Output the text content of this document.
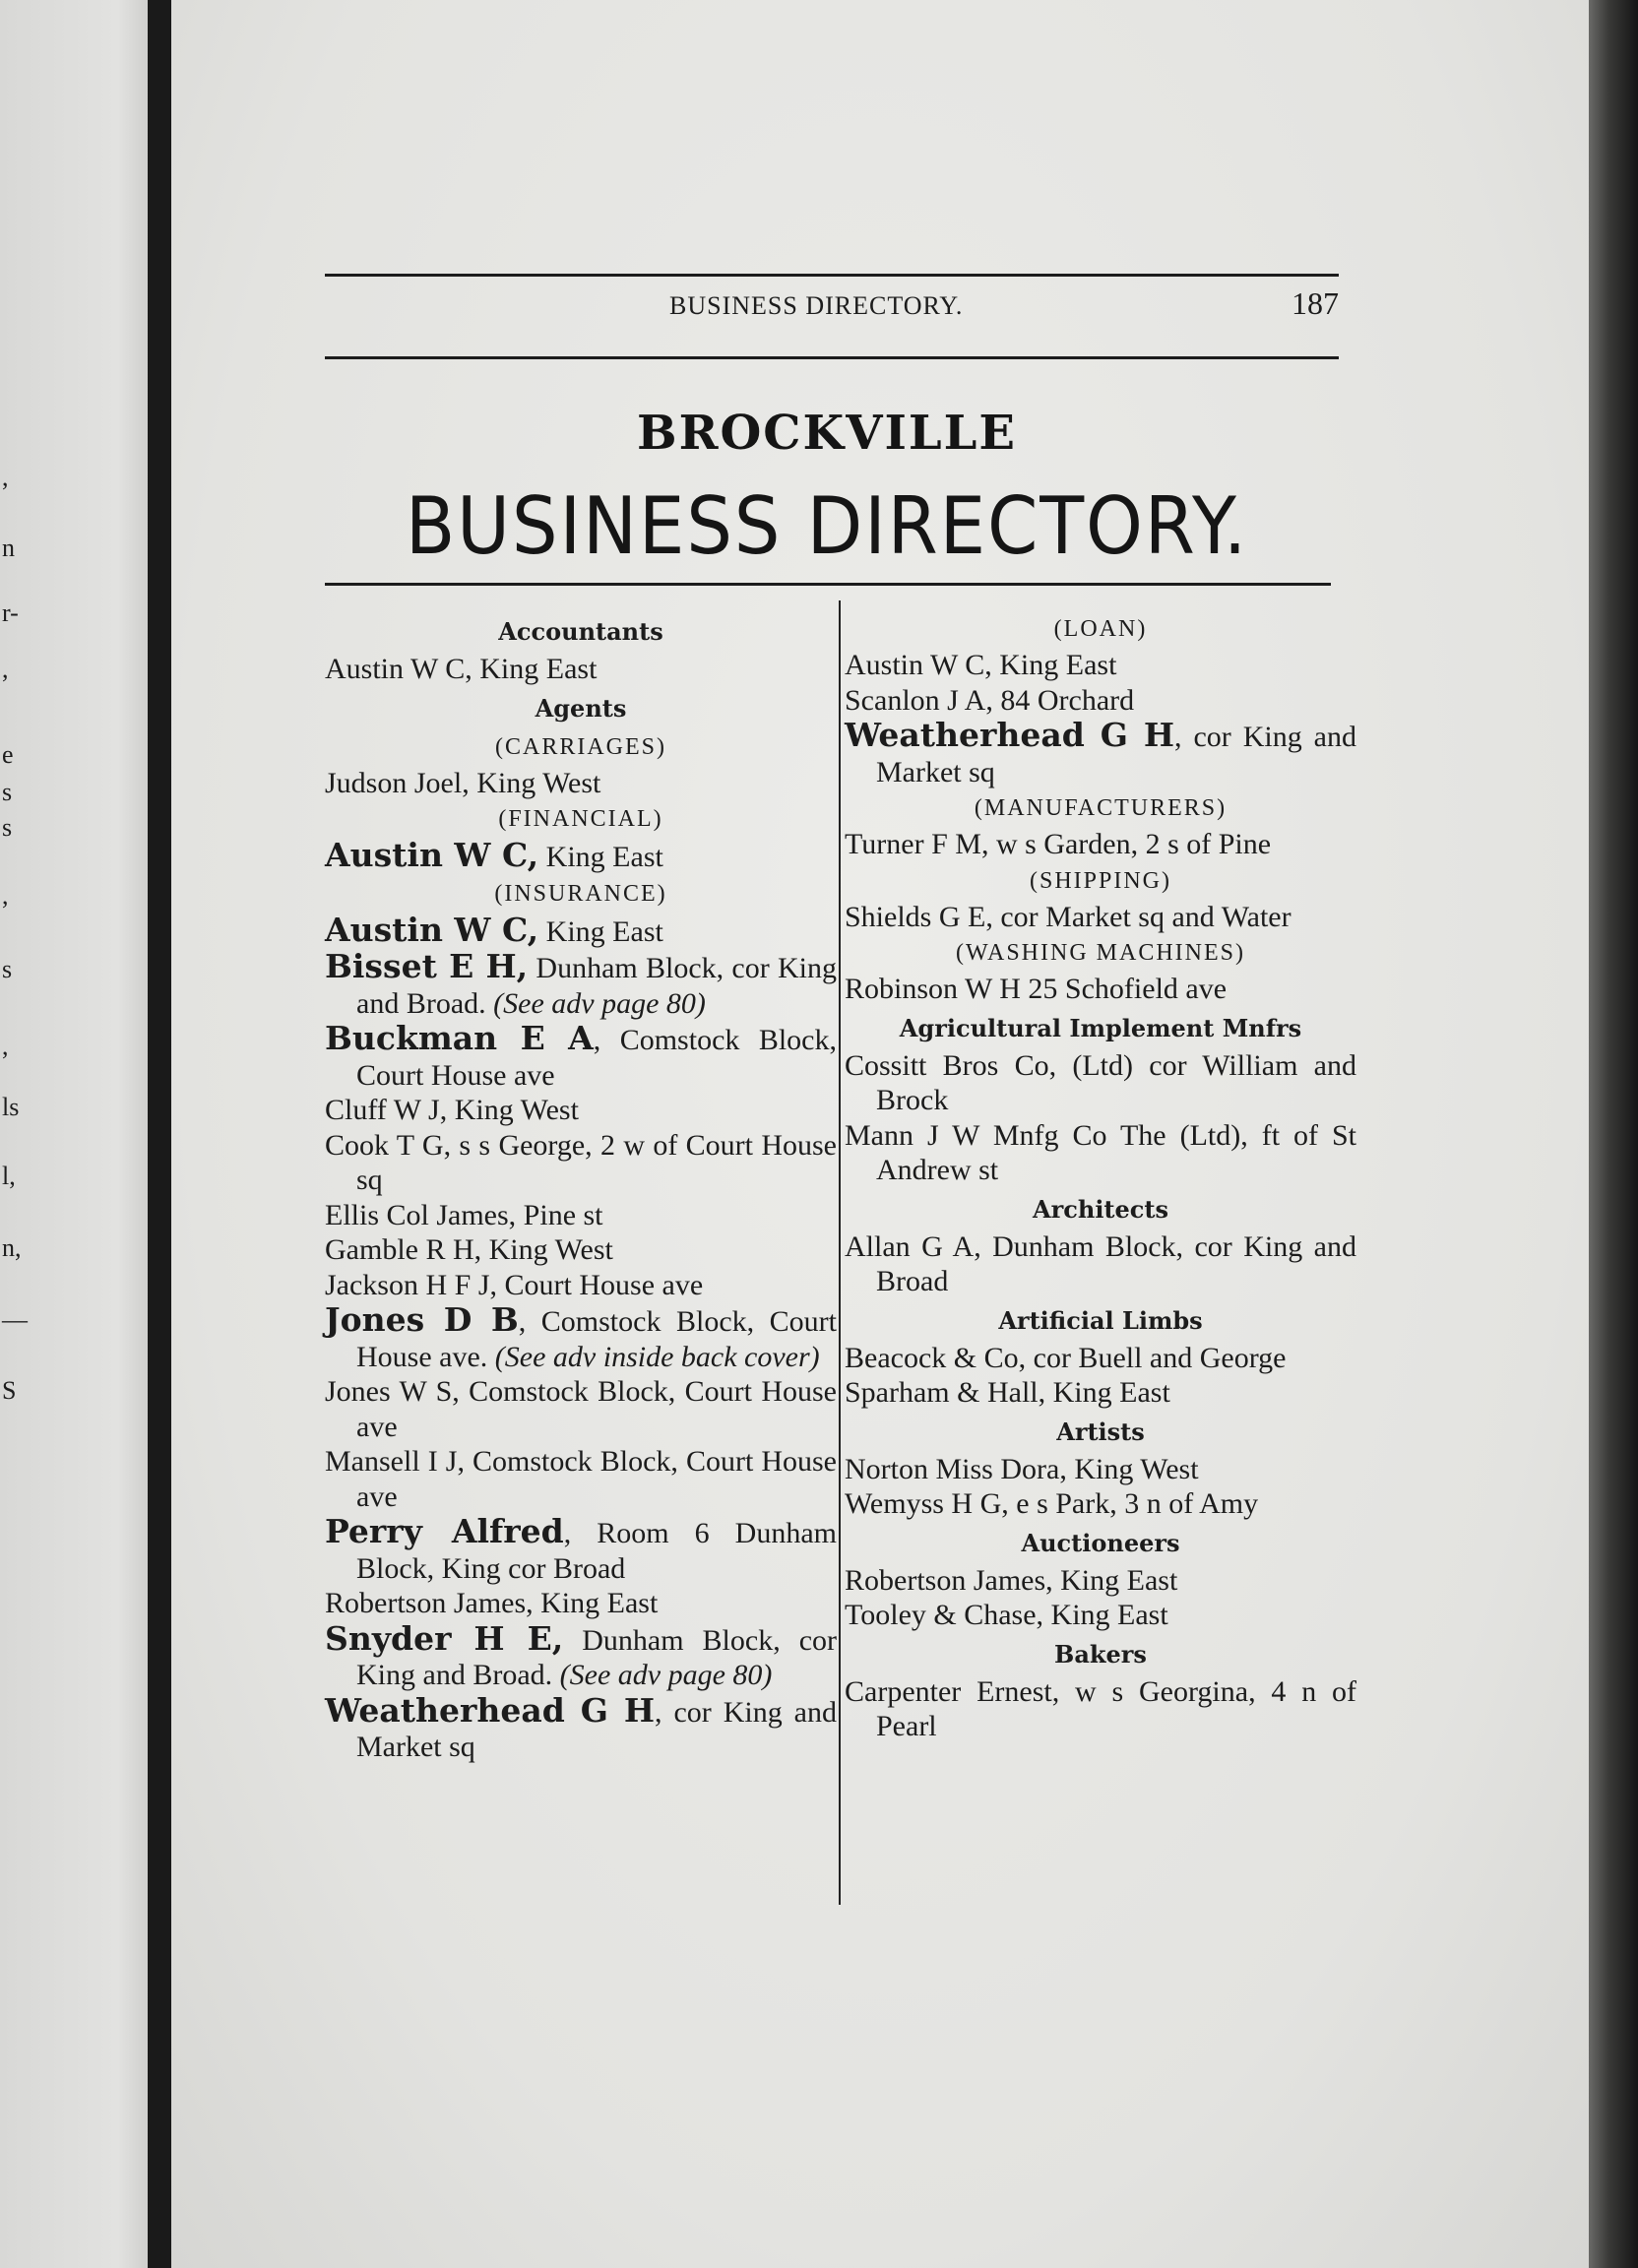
,
n
r-
,
e
s
s
,
s
,
ls
l,
n,
—
S
BUSINESS DIRECTORY.	187
BROCKVILLE
BUSINESS DIRECTORY.
Accountants

Austin W C, King East

Agents
(CARRIAGES)

Judson Joel, King West

(FINANCIAL)

Austin W C, King East

(INSURANCE)

Austin W C, King East

Bisset E H, Dunham Block, cor King and Broad. (See adv page 80)

Buckman E A, Comstock Block, Court House ave

Cluff W J, King West

Cook T G, s s George, 2 w of Court House sq

Ellis Col James, Pine st

Gamble R H, King West

Jackson H F J, Court House ave

Jones D B, Comstock Block, Court House ave. (See adv inside back cover)

Jones W S, Comstock Block, Court House ave

Mansell I J, Comstock Block, Court House ave

Perry Alfred, Room 6 Dunham Block, King cor Broad

Robertson James, King East

Snyder H E, Dunham Block, cor King and Broad. (See adv page 80)

Weatherhead G H, cor King and Market sq

(LOAN)

Austin W C, King East

Scanlon J A, 84 Orchard

Weatherhead G H, cor King and Market sq

(MANUFACTURERS)

Turner F M, w s Garden, 2 s of Pine

(SHIPPING)

Shields G E, cor Market sq and Water

(WASHING MACHINES)

Robinson W H 25 Schofield ave

Agricultural Implement Mnfrs

Cossitt Bros Co, (Ltd) cor William and Brock

Mann J W Mnfg Co The (Ltd), ft of St Andrew st

Architects

Allan G A, Dunham Block, cor King and Broad

Artificial Limbs

Beacock & Co, cor Buell and George

Sparham & Hall, King East

Artists

Norton Miss Dora, King West

Wemyss H G, e s Park, 3 n of Amy

Auctioneers

Robertson James, King East

Tooley & Chase, King East

Bakers

Carpenter Ernest, w s Georgina, 4 n of Pearl
